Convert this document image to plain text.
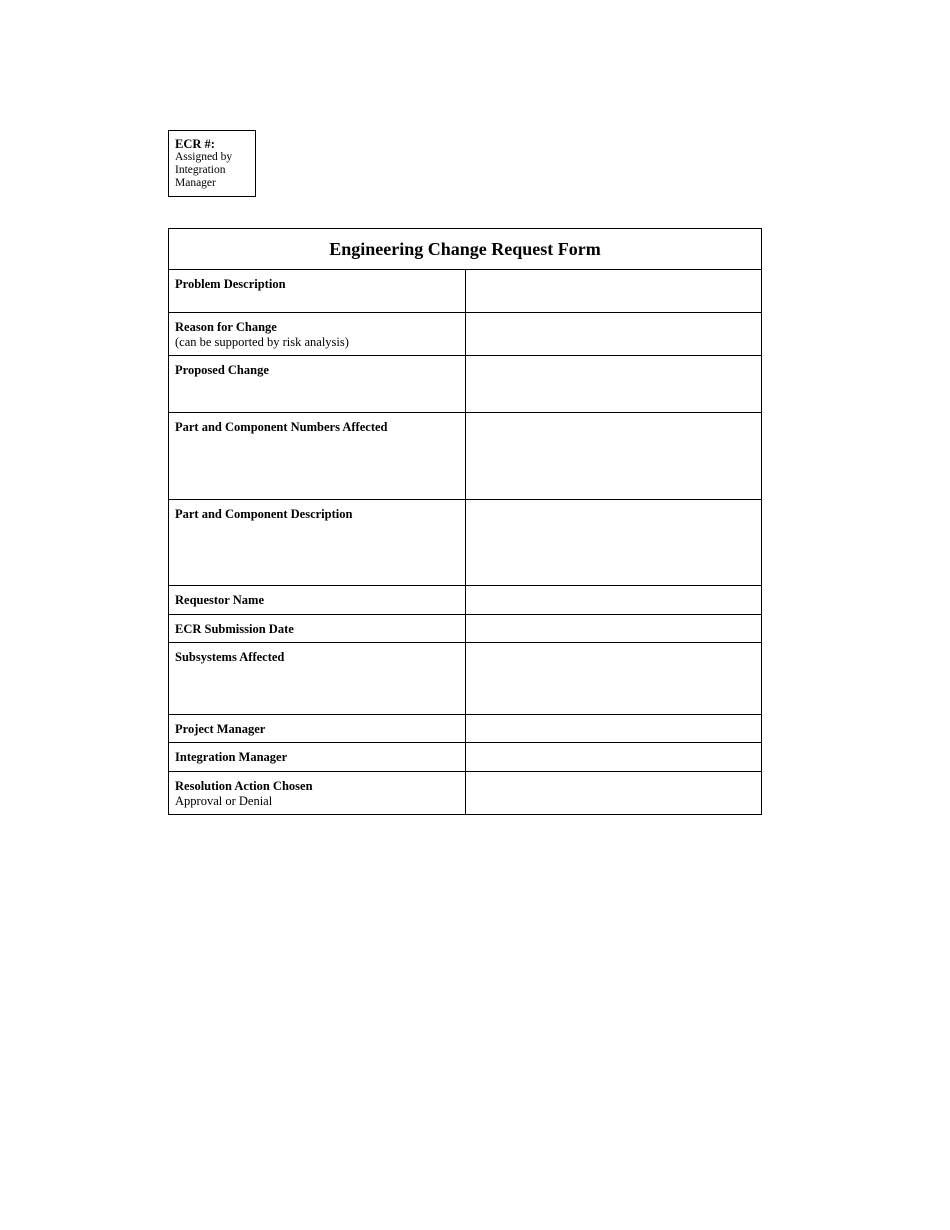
ECR #:
Assigned by Integration Manager
Engineering Change Request Form	

Problem Description	

Reason for Change
(can be supported by risk analysis)	

Proposed Change	

Part and Component Numbers Affected	

Part and Component Description	

Requestor Name	

ECR Submission Date	

Subsystems Affected	

Project Manager	

Integration Manager	

Resolution Action Chosen
Approval or Denial	
